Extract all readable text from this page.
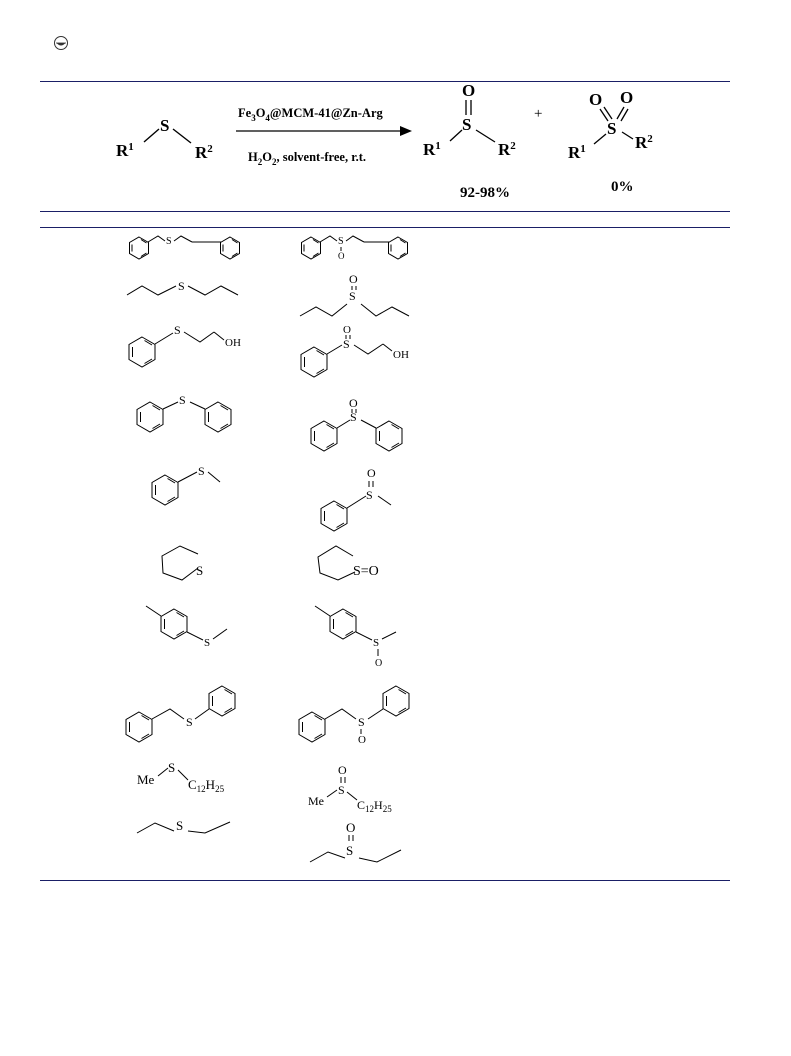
$R^1$
S
$R^2$
$Fe_3O_4@MCM-41@Zn$-Arg
$H_2O_2$, solvent-free, r.t.
O
S
$R^1$	$R^2$
92-98%
+
O O
S
$R^1$	$R^2$
0%
S	S
O
S
S
O
S
OH	S
O
OH
S
S
O
S
S
O
S	S=O
S	S
O
S	S
O
Me
S
$C_{12}H_{25}$
O
Me
S
$C_{12}H_{25}$
S	O
S
